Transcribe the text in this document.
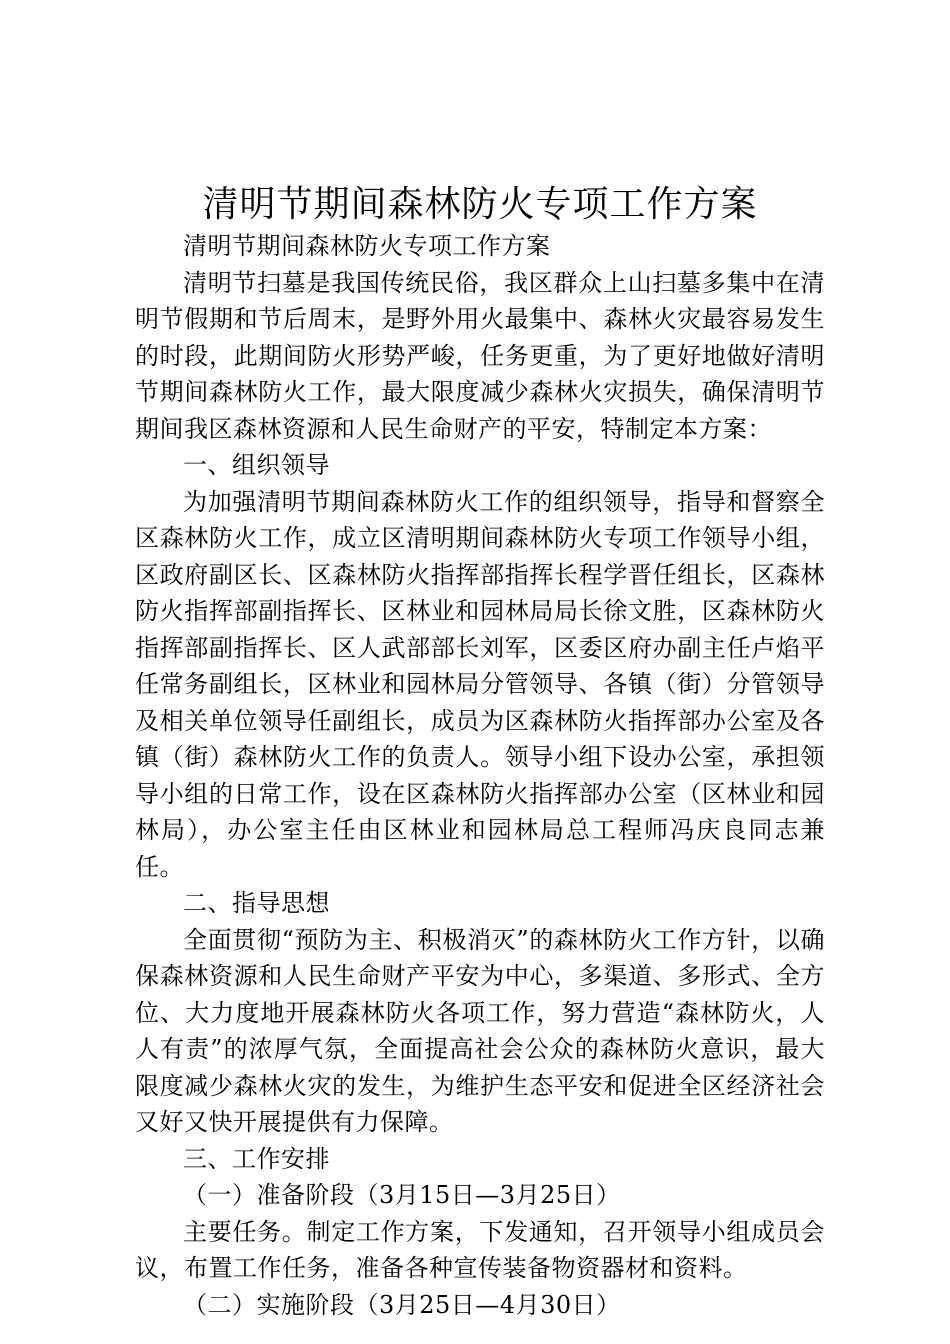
清明节期间森林防火专项工作方案

清明节期间森林防火专项工作方案

清明节扫墓是我国传统民俗，我区群众上山扫墓多集中在清明节假期和节后周末，是野外用火最集中、森林火灾最容易发生的时段，此期间防火形势严峻，任务更重，为了更好地做好清明节期间森林防火工作，最大限度减少森林火灾损失，确保清明节期间我区森林资源和人民生命财产的平安，特制定本方案：

一、组织领导

为加强清明节期间森林防火工作的组织领导，指导和督察全区森林防火工作，成立区清明期间森林防火专项工作领导小组，区政府副区长、区森林防火指挥部指挥长程学晋任组长，区森林防火指挥部副指挥长、区林业和园林局局长徐文胜，区森林防火指挥部副指挥长、区人武部部长刘军，区委区府办副主任卢焰平任常务副组长，区林业和园林局分管领导、各镇（街）分管领导及相关单位领导任副组长，成员为区森林防火指挥部办公室及各镇（街）森林防火工作的负责人。领导小组下设办公室，承担领导小组的日常工作，设在区森林防火指挥部办公室（区林业和园林局），办公室主任由区林业和园林局总工程师冯庆良同志兼任。

二、指导思想

全面贯彻“预防为主、积极消灭”的森林防火工作方针，以确保森林资源和人民生命财产平安为中心，多渠道、多形式、全方位、大力度地开展森林防火各项工作，努力营造“森林防火，人人有责”的浓厚气氛，全面提高社会公众的森林防火意识，最大限度减少森林火灾的发生，为维护生态平安和促进全区经济社会又好又快开展提供有力保障。

三、工作安排

（一）准备阶段（3月15日—3月25日）

主要任务。制定工作方案，下发通知，召开领导小组成员会议，布置工作任务，准备各种宣传装备物资器材和资料。

（二）实施阶段（3月25日—4月30日）
